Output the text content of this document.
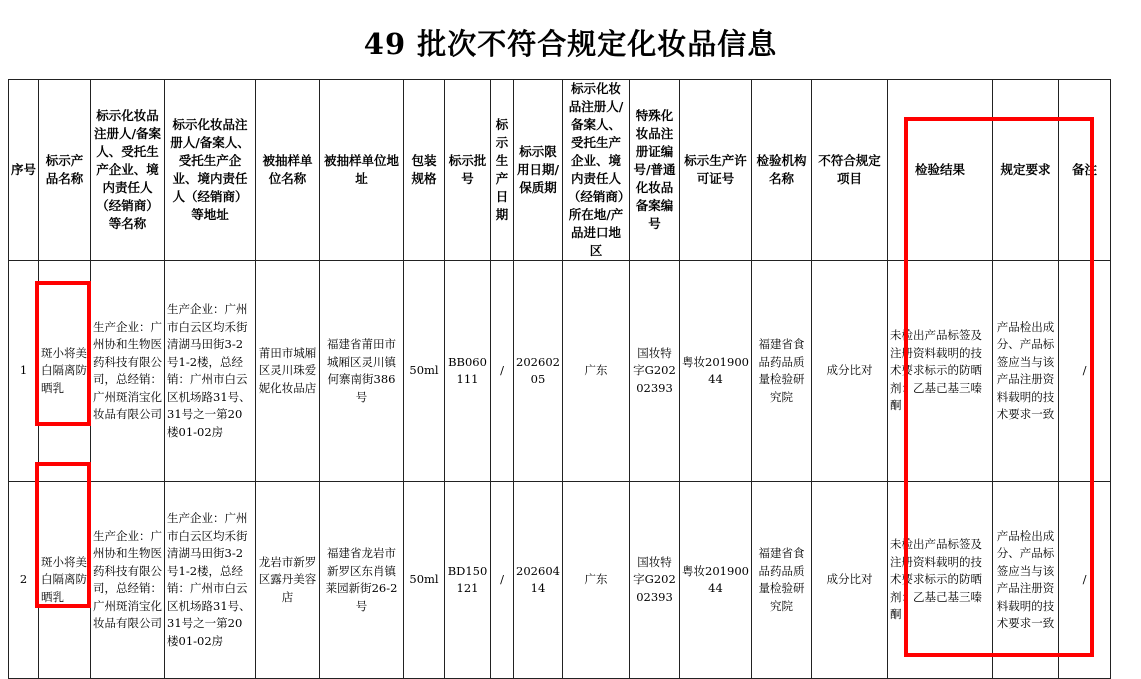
49 批次不符合规定化妆品信息
序号	标示产品名称	标示化妆品注册人/备案人、受托生产企业、境内责任人（经销商）等名称	标示化妆品注册人/备案人、受托生产企业、境内责任人（经销商）等地址	被抽样单位名称	被抽样单位地址	包装规格	标示批号	标示生产日期	标示限用日期/保质期	标示化妆品注册人/备案人、受托生产企业、境内责任人（经销商）所在地/产品进口地区	特殊化妆品注册证编号/普通化妆品备案编号	标示生产许可证号	检验机构名称	不符合规定项目	检验结果	规定要求	备注
1	斑小将美白隔离防晒乳	生产企业：广州协和生物医药科技有限公司，总经销：广州斑消宝化妆品有限公司	生产企业：广州市白云区均禾街清湖马田街3-2号1-2楼，总经销：广州市白云区机场路31号、31号之一第20楼01-02房	莆田市城厢区灵川珠爱妮化妆品店	福建省莆田市城厢区灵川镇何寨南街386号	50ml	BB060111	/	20260205	广东	国妆特字G20202393	粤妆20190044	福建省食品药品质量检验研究院	成分比对	未检出产品标签及注册资料载明的技术要求标示的防晒剂：乙基己基三嗪酮	产品检出成分、产品标签应当与该产品注册资料载明的技术要求一致	/
2	斑小将美白隔离防晒乳	生产企业：广州协和生物医药科技有限公司，总经销：广州斑消宝化妆品有限公司	生产企业：广州市白云区均禾街清湖马田街3-2号1-2楼，总经销：广州市白云区机场路31号、31号之一第20楼01-02房	龙岩市新罗区露丹美容店	福建省龙岩市新罗区东肖镇莱园新街26-2号	50ml	BD150121	/	20260414	广东	国妆特字G20202393	粤妆20190044	福建省食品药品质量检验研究院	成分比对	未检出产品标签及注册资料载明的技术要求标示的防晒剂：乙基己基三嗪酮	产品检出成分、产品标签应当与该产品注册资料载明的技术要求一致	/
